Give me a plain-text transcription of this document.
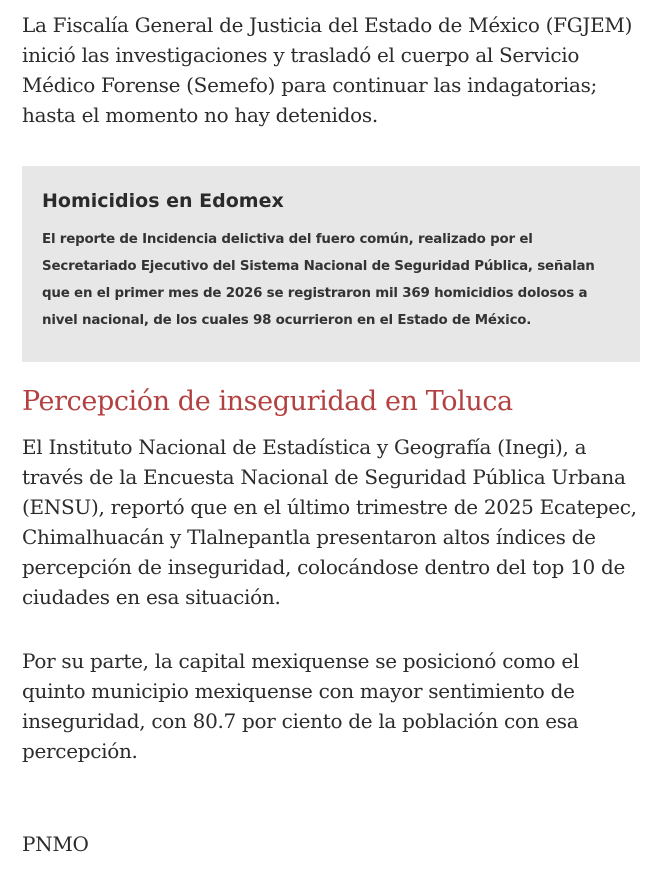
La Fiscalía General de Justicia del Estado de México (FGJEM) inició las investigaciones y trasladó el cuerpo al Servicio Médico Forense (Semefo) para continuar las indagatorias; hasta el momento no hay detenidos.

Homicidios en Edomex

El reporte de Incidencia delictiva del fuero común, realizado por el Secretariado Ejecutivo del Sistema Nacional de Seguridad Pública, señalan que en el primer mes de 2026 se registraron mil 369 homicidios dolosos a nivel nacional, de los cuales 98 ocurrieron en el Estado de México.

Percepción de inseguridad en Toluca

El Instituto Nacional de Estadística y Geografía (Inegi), a través de la Encuesta Nacional de Seguridad Pública Urbana (ENSU), reportó que en el último trimestre de 2025 Ecatepec, Chimalhuacán y Tlalnepantla presentaron altos índices de percepción de inseguridad, colocándose dentro del top 10 de ciudades en esa situación.

Por su parte, la capital mexiquense se posicionó como el quinto municipio mexiquense con mayor sentimiento de inseguridad, con 80.7 por ciento de la población con esa percepción.

PNMO
